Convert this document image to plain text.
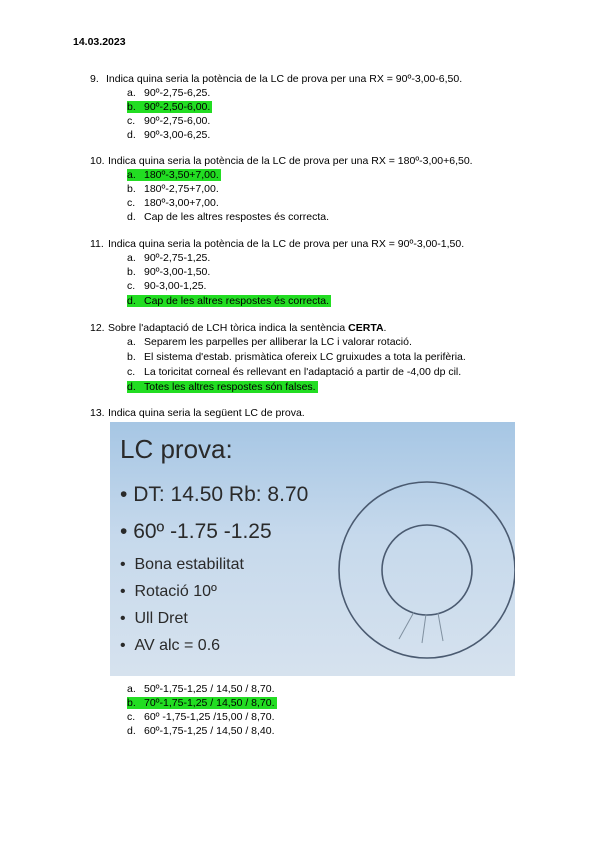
14.03.2023
9. Indica quina seria la potència de la LC de prova per una RX = 90º-3,00-6,50.
a. 90º-2,75-6,25.
b. 90º-2,50-6,00.
c. 90º-2,75-6,00.
d. 90º-3,00-6,25.
10. Indica quina seria la potència de la LC de prova per una RX = 180º-3,00+6,50.
a. 180º-3,50+7,00.
b. 180º-2,75+7,00.
c. 180º-3,00+7,00.
d. Cap de les altres respostes és correcta.
11. Indica quina seria la potència de la LC de prova per una RX = 90º-3,00-1,50.
a. 90º-2,75-1,25.
b. 90º-3,00-1,50.
c. 90-3,00-1,25.
d. Cap de les altres respostes és correcta.
12. Sobre l'adaptació de LCH tòrica indica la sentència CERTA.
a. Separem les parpelles per alliberar la LC i valorar rotació.
b. El sistema d'estab. prismàtica ofereix LC gruixudes a tota la perifèria.
c. La toricitat corneal és rellevant en l'adaptació a partir de -4,00 dp cil.
d. Totes les altres respostes són falses.
13. Indica quina seria la següent LC de prova.
LC prova:
• DT: 14.50 Rb: 8.70
• 60º -1.75 -1.25
• Bona estabilitat
• Rotació 10º
• Ull Dret
• AV alc = 0.6
a. 50º-1,75-1,25 / 14,50 / 8,70.
b. 70º-1,75-1,25 / 14,50 / 8,70.
c. 60º -1,75-1,25 /15,00 / 8,70.
d. 60º-1,75-1,25 / 14,50 / 8,40.
